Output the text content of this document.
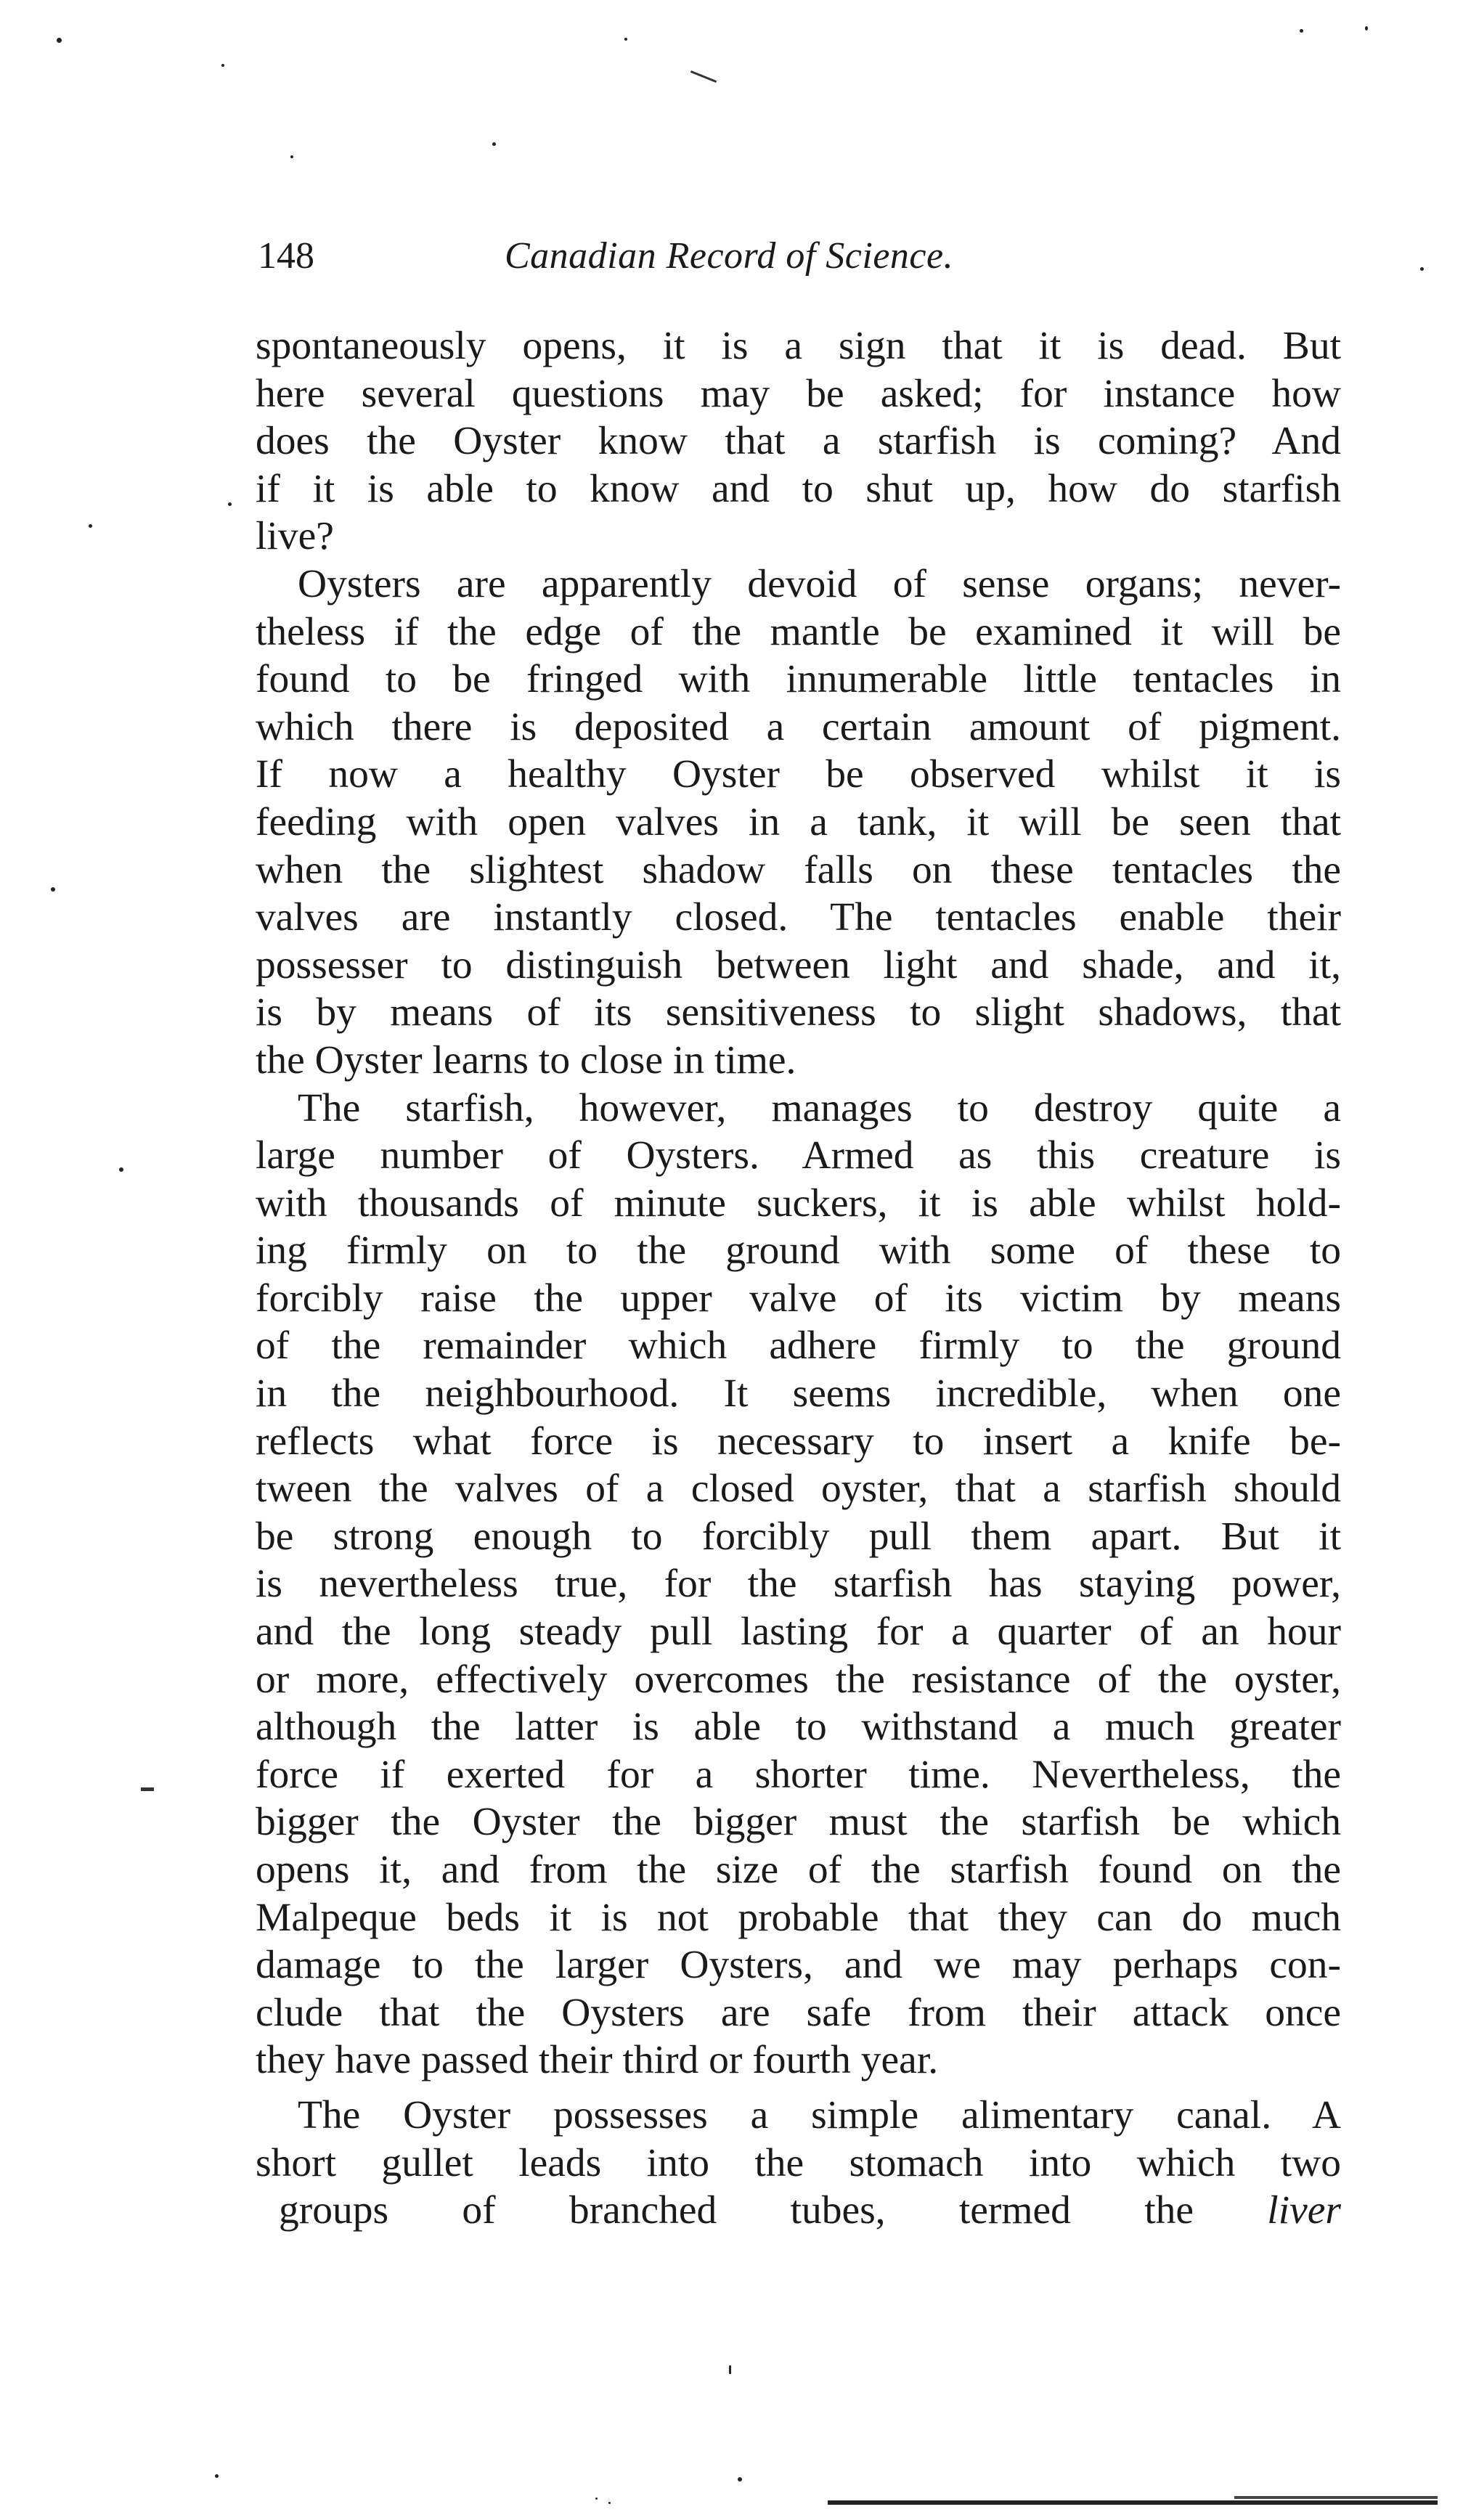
148	Canadian Record of Science.
spontaneously opens, it is a sign that it is dead. But
here several questions may be asked; for instance how
does the Oyster know that a starfish is coming? And
if it is able to know and to shut up, how do starfish
live?
Oysters are apparently devoid of sense organs; never-
theless if the edge of the mantle be examined it will be
found to be fringed with innumerable little tentacles in
which there is deposited a certain amount of pigment.
If now a healthy Oyster be observed whilst it is
feeding with open valves in a tank, it will be seen that
when the slightest shadow falls on these tentacles the
valves are instantly closed. The tentacles enable their
possesser to distinguish between light and shade, and it,
is by means of its sensitiveness to slight shadows, that
the Oyster learns to close in time.
The starfish, however, manages to destroy quite a
large number of Oysters. Armed as this creature is
with thousands of minute suckers, it is able whilst hold-
ing firmly on to the ground with some of these to
forcibly raise the upper valve of its victim by means
of the remainder which adhere firmly to the ground
in the neighbourhood. It seems incredible, when one
reflects what force is necessary to insert a knife be-
tween the valves of a closed oyster, that a starfish should
be strong enough to forcibly pull them apart. But it
is nevertheless true, for the starfish has staying power,
and the long steady pull lasting for a quarter of an hour
or more, effectively overcomes the resistance of the oyster,
although the latter is able to withstand a much greater
force if exerted for a shorter time. Nevertheless, the
bigger the Oyster the bigger must the starfish be which
opens it, and from the size of the starfish found on the
Malpeque beds it is not probable that they can do much
damage to the larger Oysters, and we may perhaps con-
clude that the Oysters are safe from their attack once
they have passed their third or fourth year.
The Oyster possesses a simple alimentary canal. A
short gullet leads into the stomach into which two
groups of branched tubes, termed the liver
